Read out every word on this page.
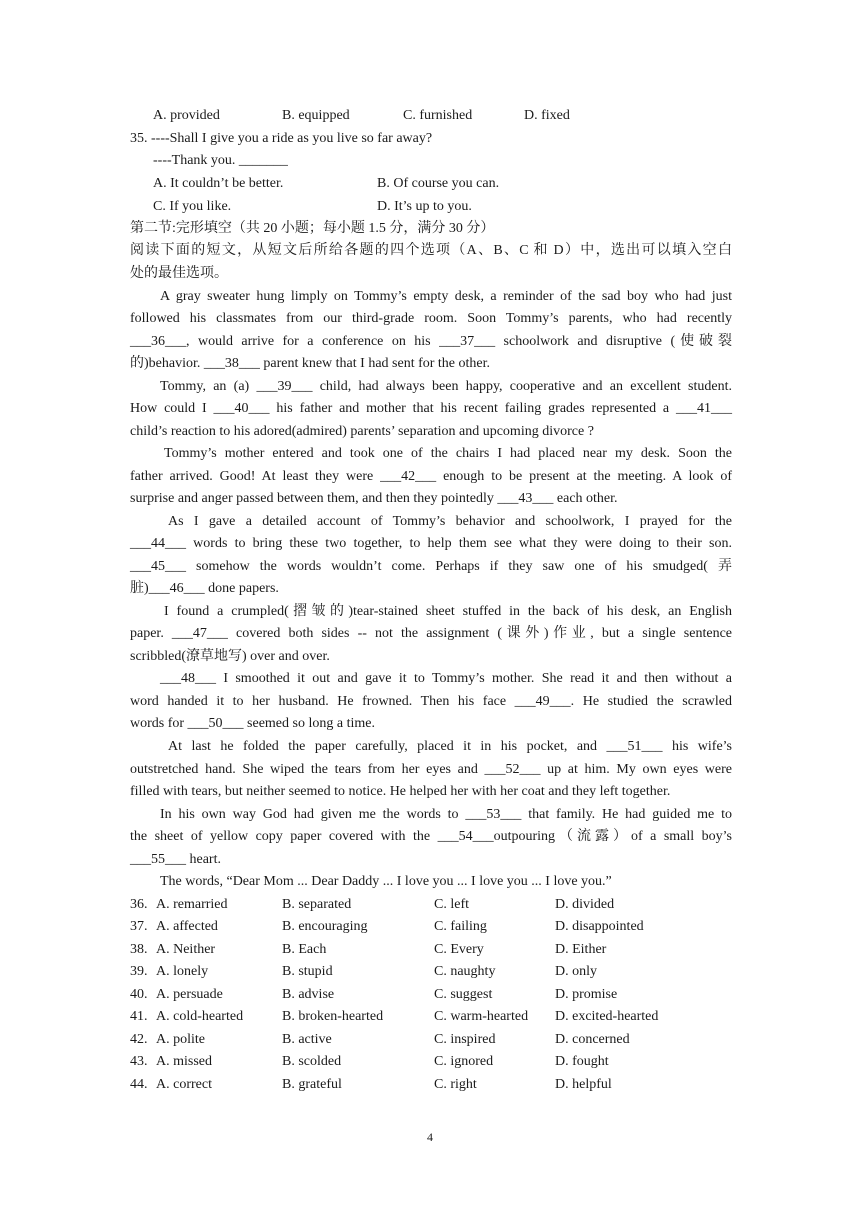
A. provided	B. equipped	C. furnished	D. fixed
35. ----Shall I give you a ride as you live so far away?
----Thank you. _______
A. It couldn’t be better.	B. Of course you can.
C. If you like.	D. It’s up to you.
第二节:完形填空（共 20 小题；每小题 1.5 分，满分 30 分）
阅读下面的短文，从短文后所给各题的四个选项（A、B、C 和 D）中，选出可以填入空白
处的最佳选项。
A gray sweater hung limply on Tommy’s empty desk, a reminder of the sad boy who had just
followed his classmates from our third-grade room. Soon Tommy’s parents, who had recently
___36___, would arrive for a conference on his ___37___ schoolwork and disruptive (使破裂
的)behavior. ___38___ parent knew that I had sent for the other.
Tommy, an (a) ___39___ child, had always been happy, cooperative and an excellent student.
How could I ___40___ his father and mother that his recent failing grades represented a ___41___
child’s reaction to his adored(admired) parents’ separation and upcoming divorce ?
Tommy’s mother entered and took one of the chairs I had placed near my desk. Soon the
father arrived. Good! At least they were ___42___ enough to be present at the meeting. A look of
surprise and anger passed between them, and then they pointedly ___43___ each other.
As I gave a detailed account of Tommy’s behavior and schoolwork, I prayed for the
___44___ words to bring these two together, to help them see what they were doing to their son.
___45___ somehow the words wouldn’t come. Perhaps if they saw one of his smudged( 弄
脏)___46___ done papers.
I found a crumpled(摺皱的)tear-stained sheet stuffed in the back of his desk, an English
paper. ___47___ covered both sides -- not the assignment (课外)作业, but a single sentence
scribbled(潦草地写) over and over.
___48___ I smoothed it out and gave it to Tommy’s mother. She read it and then without a
word handed it to her husband. He frowned. Then his face ___49___. He studied the scrawled
words for ___50___ seemed so long a time.
At last he folded the paper carefully, placed it in his pocket, and ___51___ his wife’s
outstretched hand. She wiped the tears from her eyes and ___52___ up at him. My own eyes were
filled with tears, but neither seemed to notice. He helped her with her coat and they left together.
In his own way God had given me the words to ___53___ that family. He had guided me to
the sheet of yellow copy paper covered with the ___54___outpouring（流露）of a small boy’s
___55___ heart.
The words, “Dear Mom ... Dear Daddy ... I love you ... I love you ... I love you.”
36. A. remarried	B. separated	C. left	D. divided
37. A. affected	B. encouraging	C. failing	D. disappointed
38. A. Neither	B. Each	C. Every	D. Either
39. A. lonely	B. stupid	C. naughty	D. only
40. A. persuade	B. advise	C. suggest	D. promise
41. A. cold-hearted	B. broken-hearted	C. warm-hearted D. excited-hearted
42. A. polite	B. active	C. inspired	D. concerned
43. A. missed	B. scolded	C. ignored	D. fought
44. A. correct	B. grateful	C. right	D. helpful
4
